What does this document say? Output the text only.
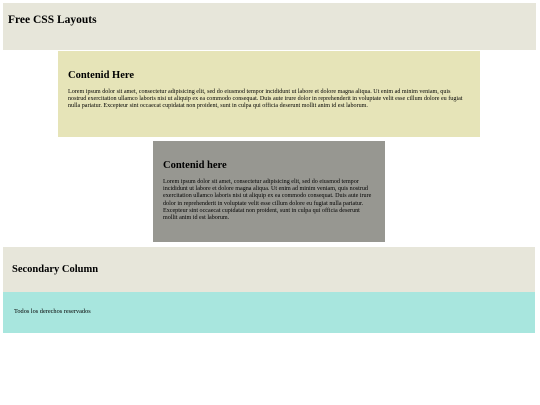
Free CSS Layouts
Contenid Here

Lorem ipsum dolor sit amet, consectetur adipisicing elit, sed do eiusmod tempor incididunt ut labore et dolore magna aliqua. Ut enim ad minim veniam, quis nostrud exercitation ullamco laboris nisi ut aliquip ex ea commodo consequat. Duis aute irure dolor in reprehenderit in voluptate velit esse cillum dolore eu fugiat nulla pariatur. Excepteur sint occaecat cupidatat non proident, sunt in culpa qui officia deserunt mollit anim id est laborum.

Contenid here

Lorem ipsum dolor sit amet, consectetur adipisicing elit, sed do eiusmod tempor incididunt ut labore et dolore magna aliqua. Ut enim ad minim veniam, quis nostrud exercitation ullamco laboris nisi ut aliquip ex ea commodo consequat. Duis aute irure dolor in reprehenderit in voluptate velit esse cillum dolore eu fugiat nulla pariatur. Excepteur sint occaecat cupidatat non proident, sunt in culpa qui officia deserunt mollit anim id est laborum.

Secondary Column

Todos los derechos reservados
